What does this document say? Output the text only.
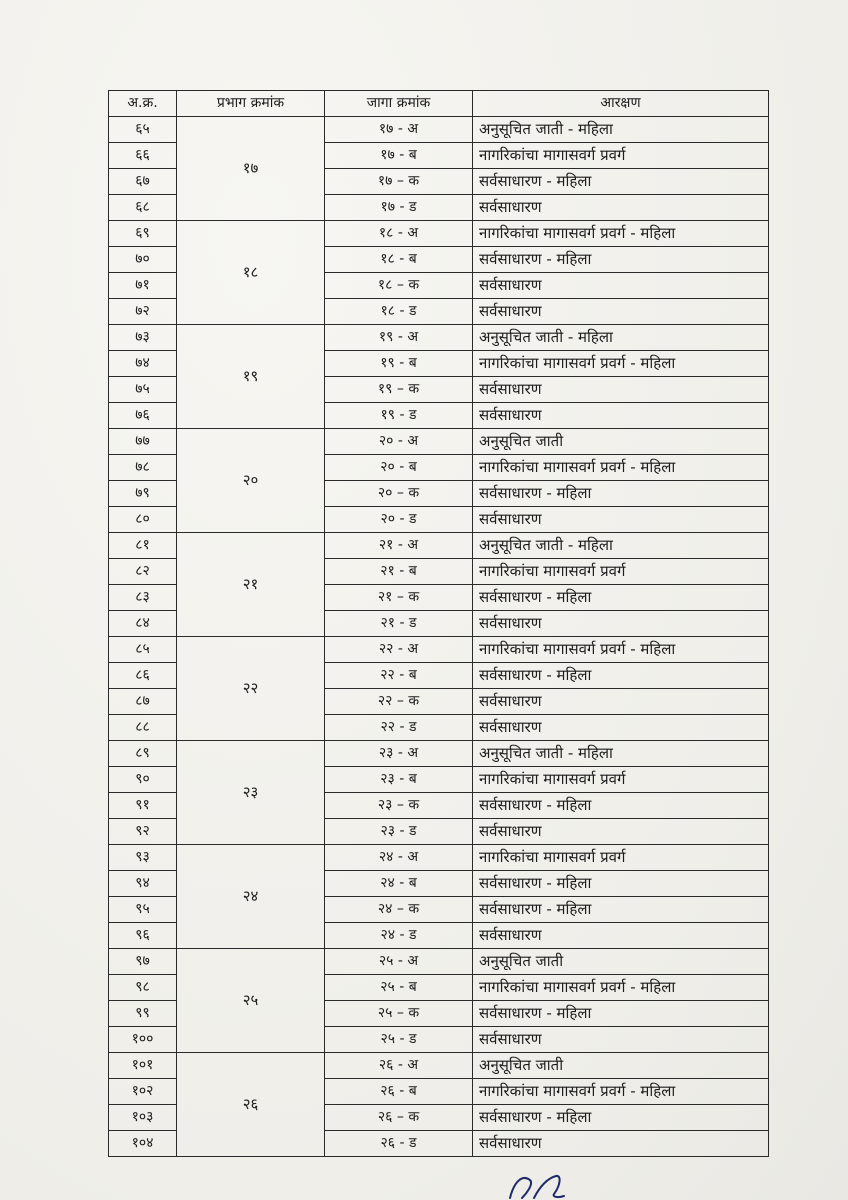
अ.क्र.	प्रभाग क्रमांक	जागा क्रमांक	आरक्षण
६५	१७	१७ - अ	अनुसूचित जाती - महिला
६६		१७ - ब	नागरिकांचा मागासवर्ग प्रवर्ग
६७		१७ – क	सर्वसाधारण - महिला
६८		१७ - ड	सर्वसाधारण
६९	१८	१८ - अ	नागरिकांचा मागासवर्ग प्रवर्ग - महिला
७०		१८ - ब	सर्वसाधारण - महिला
७१		१८ – क	सर्वसाधारण
७२		१८ - ड	सर्वसाधारण
७३	१९	१९ - अ	अनुसूचित जाती - महिला
७४		१९ - ब	नागरिकांचा मागासवर्ग प्रवर्ग - महिला
७५		१९ – क	सर्वसाधारण
७६		१९ - ड	सर्वसाधारण
७७	२०	२० - अ	अनुसूचित जाती
७८		२० - ब	नागरिकांचा मागासवर्ग प्रवर्ग - महिला
७९		२० – क	सर्वसाधारण - महिला
८०		२० - ड	सर्वसाधारण
८१	२१	२१ - अ	अनुसूचित जाती - महिला
८२		२१ - ब	नागरिकांचा मागासवर्ग प्रवर्ग
८३		२१ – क	सर्वसाधारण - महिला
८४		२१ - ड	सर्वसाधारण
८५	२२	२२ - अ	नागरिकांचा मागासवर्ग प्रवर्ग - महिला
८६		२२ - ब	सर्वसाधारण - महिला
८७		२२ – क	सर्वसाधारण
८८		२२ - ड	सर्वसाधारण
८९	२३	२३ - अ	अनुसूचित जाती - महिला
९०		२३ - ब	नागरिकांचा मागासवर्ग प्रवर्ग
९१		२३ – क	सर्वसाधारण - महिला
९२		२३ - ड	सर्वसाधारण
९३	२४	२४ - अ	नागरिकांचा मागासवर्ग प्रवर्ग
९४		२४ - ब	सर्वसाधारण - महिला
९५		२४ – क	सर्वसाधारण - महिला
९६		२४ - ड	सर्वसाधारण
९७	२५	२५ - अ	अनुसूचित जाती
९८		२५ - ब	नागरिकांचा मागासवर्ग प्रवर्ग - महिला
९९		२५ – क	सर्वसाधारण - महिला
१००		२५ - ड	सर्वसाधारण
१०१	२६	२६ - अ	अनुसूचित जाती
१०२		२६ - ब	नागरिकांचा मागासवर्ग प्रवर्ग - महिला
१०३		२६ – क	सर्वसाधारण - महिला
१०४		२६ - ड	सर्वसाधारण
